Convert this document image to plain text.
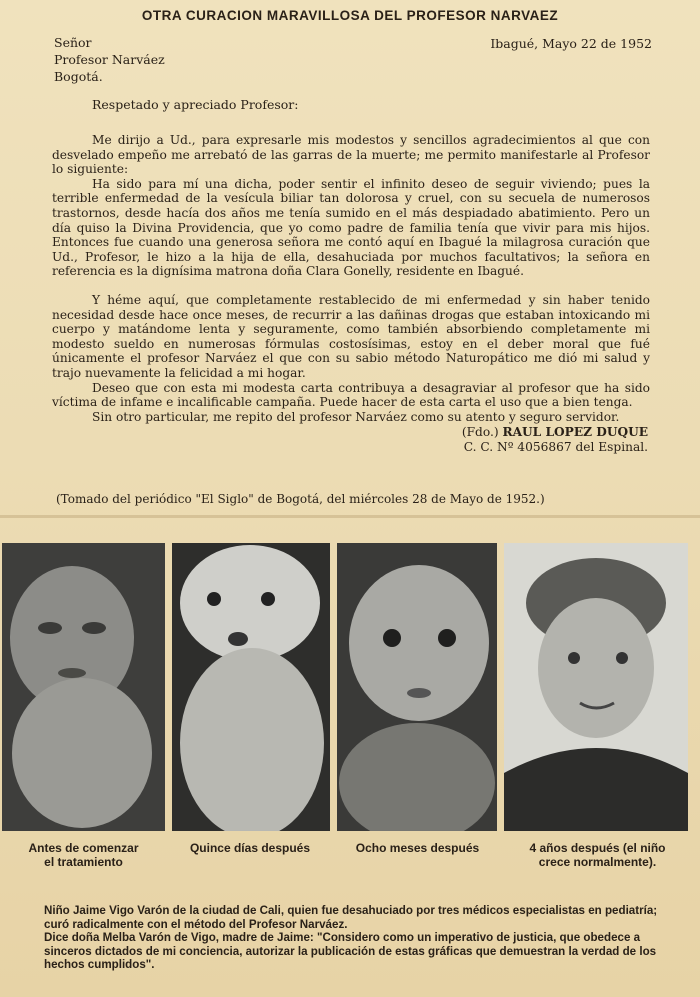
OTRA CURACION MARAVILLOSA DEL PROFESOR NARVAEZ
Señor
Profesor Narváez
Bogotá.
Ibagué, Mayo 22 de 1952
Respetado y apreciado Profesor:

Me dirijo a Ud., para expresarle mis modestos y sencillos agradecimientos al que con desvelado empeño me arrebató de las garras de la muerte; me permito manifestarle al Profesor lo siguiente:

Ha sido para mí una dicha, poder sentir el infinito deseo de seguir viviendo; pues la terrible enfermedad de la vesícula biliar tan dolorosa y cruel, con su secuela de numerosos trastornos, desde hacía dos años me tenía sumido en el más despiadado abatimiento. Pero un día quiso la Divina Providencia, que yo como padre de familia tenía que vivir para mis hijos. Entonces fue cuando una generosa señora me contó aquí en Ibagué la milagrosa curación que Ud., Profesor, le hizo a la hija de ella, desahuciada por muchos facultativos; la señora en referencia es la dignísima matrona doña Clara Gonelly, residente en Ibagué.

Y héme aquí, que completamente restablecido de mi enfermedad y sin haber tenido necesidad desde hace once meses, de recurrir a las dañinas drogas que estaban intoxicando mi cuerpo y matándome lenta y seguramente, como también absorbiendo completamente mi modesto sueldo en numerosas fórmulas costosísimas, estoy en el deber moral que fué únicamente el profesor Narváez el que con su sabio método Naturopático me dió mi salud y trajo nuevamente la felicidad a mi hogar.

Deseo que con esta mi modesta carta contribuya a desagraviar al profesor que ha sido víctima de infame e incalificable campaña. Puede hacer de esta carta el uso que a bien tenga.

Sin otro particular, me repito del profesor Narváez como su atento y seguro servidor.

(Fdo.) RAUL LOPEZ DUQUE
C. C. Nº 4056867 del Espinal.
(Tomado del periódico "El Siglo" de Bogotá, del miércoles 28 de Mayo de 1952.)
Antes de comenzar
el tratamiento
Quince días después	Ocho meses después	4 años después (el niño
crece normalmente).

Niño Jaime Vigo Varón de la ciudad de Cali, quien fue desahuciado por tres médicos especialistas en pediatría; curó radicalmente con el método del Profesor Narváez.

Dice doña Melba Varón de Vigo, madre de Jaime: "Considero como un imperativo de justicia, que obedece a sinceros dictados de mi conciencia, autorizar la publicación de estas gráficas que demuestran la verdad de los hechos cumplidos".
